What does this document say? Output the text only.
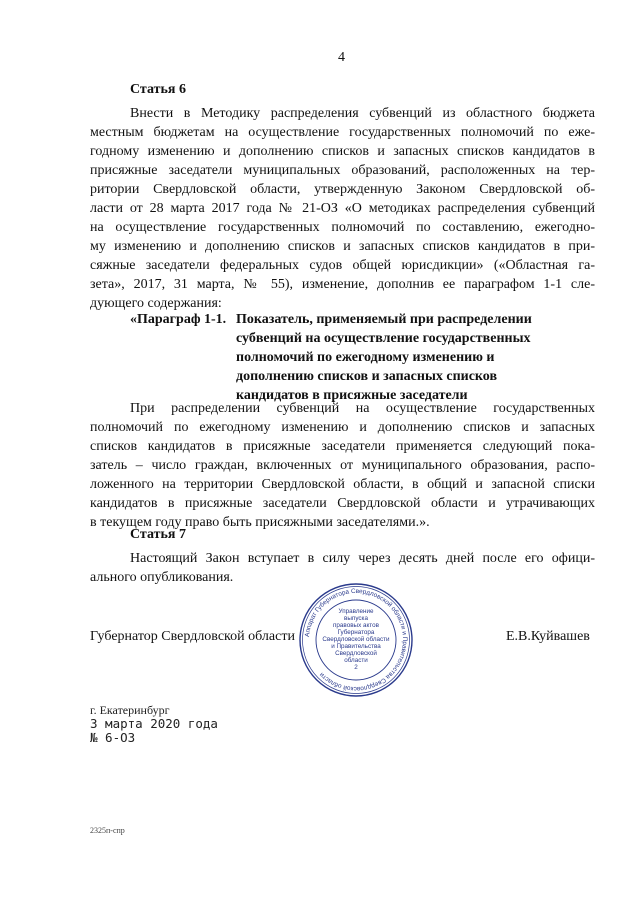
4
Статья 6
Внести в Методику распределения субвенций из областного бюджета
местным бюджетам на осуществление государственных полномочий по еже-
годному изменению и дополнению списков и запасных списков кандидатов в
присяжные заседатели муниципальных образований, расположенных на тер-
ритории Свердловской области, утвержденную Законом Свердловской об-
ласти от 28 марта 2017 года № 21-ОЗ «О методиках распределения субвенций
на осуществление государственных полномочий по составлению, ежегодно-
му изменению и дополнению списков и запасных списков кандидатов в при-
сяжные заседатели федеральных судов общей юрисдикции» («Областная га-
зета», 2017, 31 марта, № 55), изменение, дополнив ее параграфом 1-1 сле-
дующего содержания:
«Параграф 1-1. Показатель, применяемый при распределении
субвенций на осуществление государственных
полномочий по ежегодному изменению и
дополнению списков и запасных списков
кандидатов в присяжные заседатели
При распределении субвенций на осуществление государственных
полномочий по ежегодному изменению и дополнению списков и запасных
списков кандидатов в присяжные заседатели применяется следующий пока-
затель – число граждан, включенных от муниципального образования, распо-
ложенного на территории Свердловской области, в общий и запасной списки
кандидатов в присяжные заседатели Свердловской области и утрачивающих
в текущем году право быть присяжными заседателями.».
Статья 7
Настоящий Закон вступает в силу через десять дней после его офици-
ального опубликования.
Губернатор Свердловской области	Е.В.Куйвашев
Аппарат Губернатора Свердловской области и Правительства Свердловской области
Управление
выпуска
правовых актов
Губернатора
Свердловской области
и Правительства
Свердловской
области
2
г. Екатеринбург
3 марта 2020 года
№ 6-ОЗ
2325п-спр
